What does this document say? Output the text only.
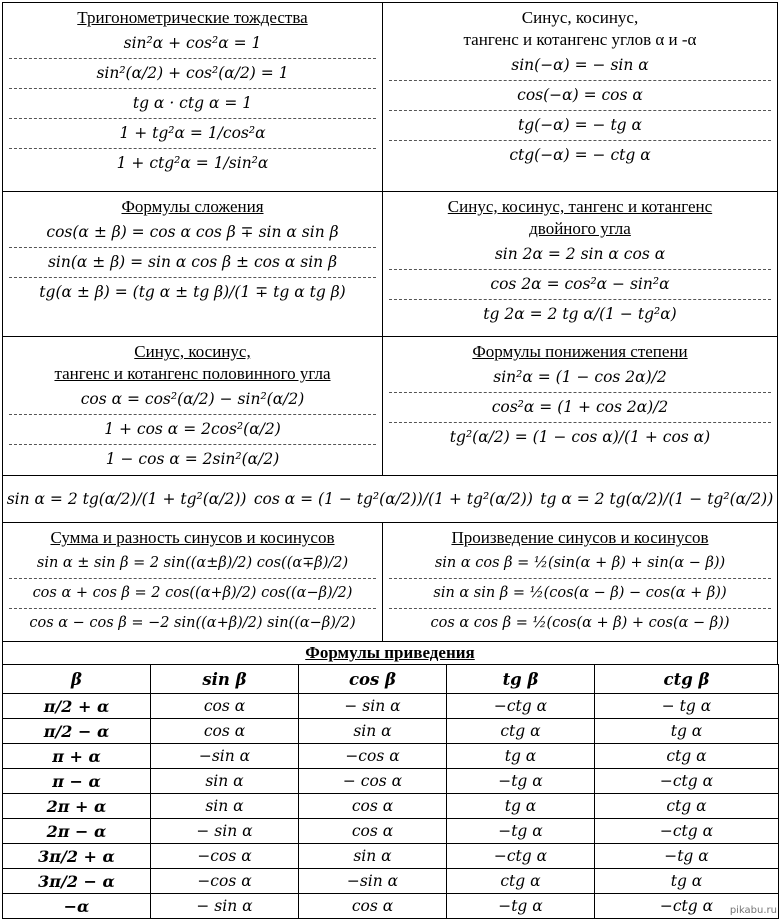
Тригонометрические тождества
sin²α + cos²α = 1
sin²(α/2) + cos²(α/2) = 1
tg α · ctg α = 1
1 + tg²α = 1/cos²α
1 + ctg²α = 1/sin²α
Синус, косинус,
тангенс и котангенс углов α и -α
sin(−α) = − sin α
cos(−α) = cos α
tg(−α) = − tg α
ctg(−α) = − ctg α
Формулы сложения
cos(α ± β) = cos α cos β ∓ sin α sin β
sin(α ± β) = sin α cos β ± cos α sin β
tg(α ± β) = (tg α ± tg β)/(1 ∓ tg α tg β)
Синус, косинус, тангенс и котангенс
двойного угла
sin 2α = 2 sin α cos α
cos 2α = cos²α − sin²α
tg 2α = 2 tg α/(1 − tg²α)
Синус, косинус,
тангенс и котангенс половинного угла
cos α = cos²(α/2) − sin²(α/2)
1 + cos α = 2cos²(α/2)
1 − cos α = 2sin²(α/2)
Формулы понижения степени
sin²α = (1 − cos 2α)/2
cos²α = (1 + cos 2α)/2
tg²(α/2) = (1 − cos α)/(1 + cos α)
sin α = 2 tg(α/2)/(1 + tg²(α/2)) cos α = (1 − tg²(α/2))/(1 + tg²(α/2)) tg α = 2 tg(α/2)/(1 − tg²(α/2))
Сумма и разность синусов и косинусов
sin α ± sin β = 2 sin((α±β)/2) cos((α∓β)/2)
cos α + cos β = 2 cos((α+β)/2) cos((α−β)/2)
cos α − cos β = −2 sin((α+β)/2) sin((α−β)/2)
Произведение синусов и косинусов
sin α cos β = ½(sin(α + β) + sin(α − β))
sin α sin β = ½(cos(α − β) − cos(α + β))
cos α cos β = ½(cos(α + β) + cos(α − β))
Формулы приведения
β	sin β	cos β	tg β	ctg β
π/2 + α	cos α	− sin α	−ctg α	− tg α
π/2 − α	cos α	sin α	ctg α	tg α
π + α	−sin α	−cos α	tg α	ctg α
π − α	sin α	− cos α	−tg α	−ctg α
2π + α	sin α	cos α	tg α	ctg α
2π − α	− sin α	cos α	−tg α	−ctg α
3π/2 + α	−cos α	sin α	−ctg α	−tg α
3π/2 − α	−cos α	−sin α	ctg α	tg α
−α	− sin α	cos α	−tg α	−ctg α pikabu.ru
